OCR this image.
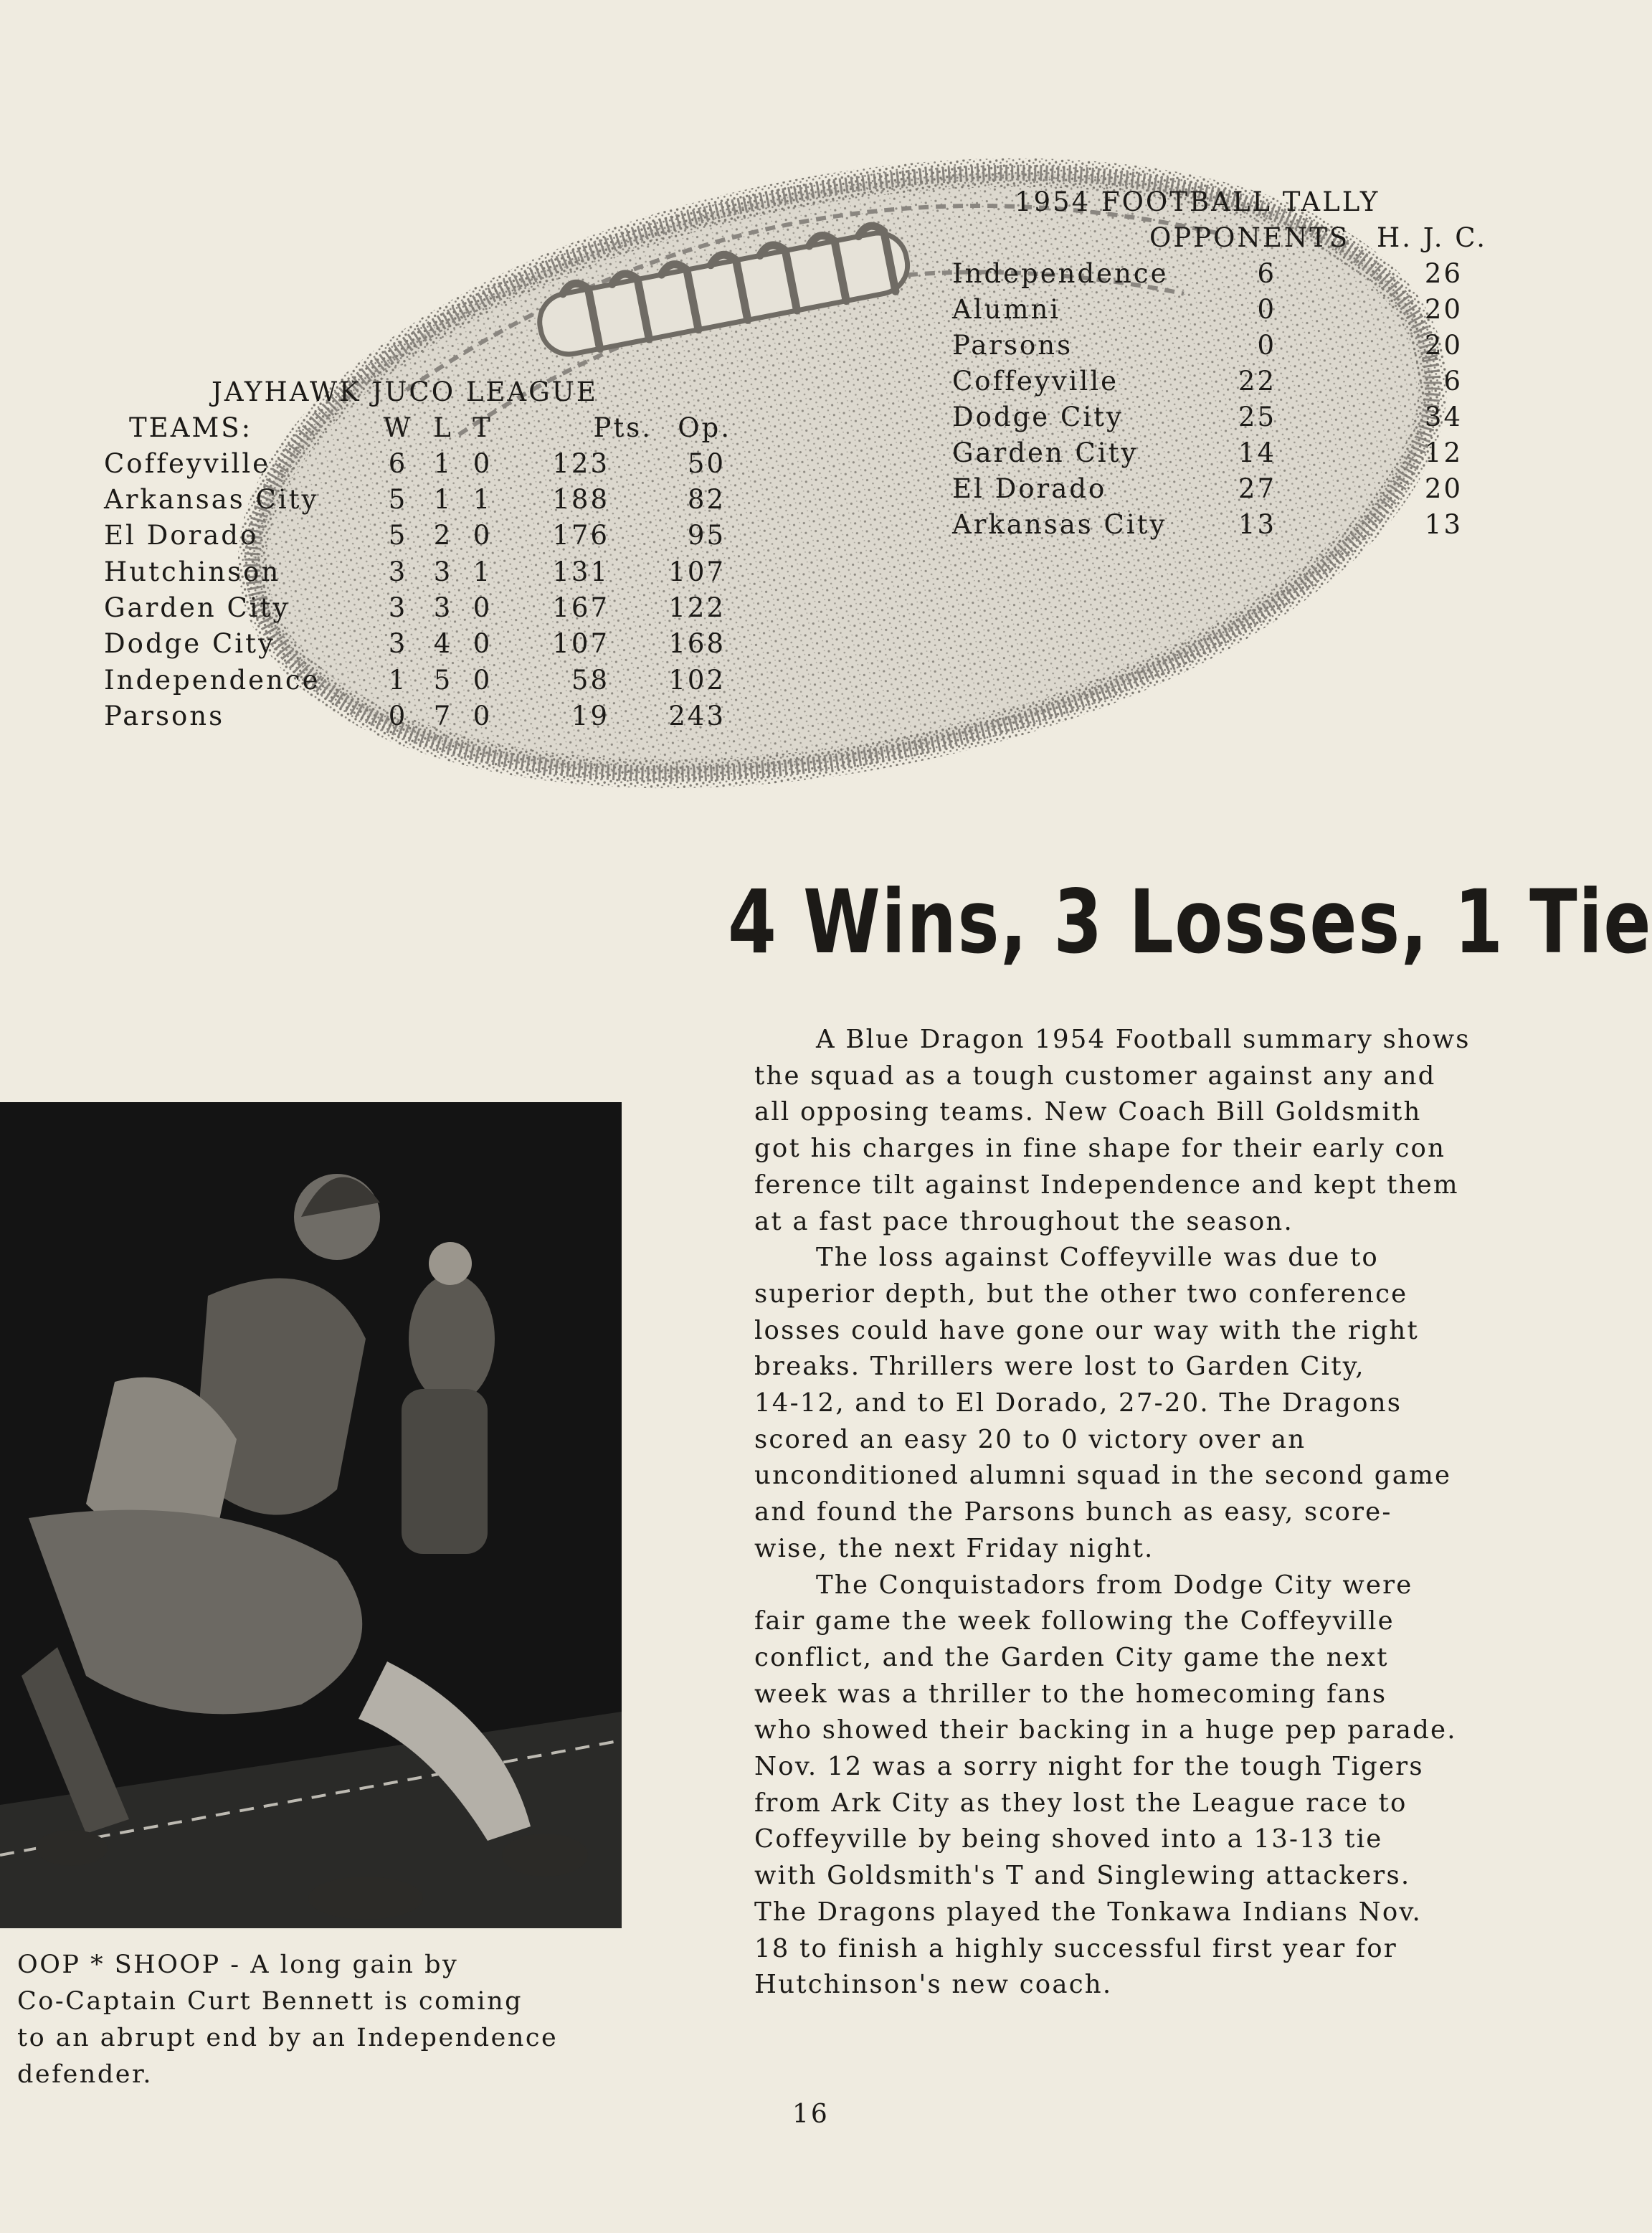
JAYHAWK JUCO LEAGUE
TEAMS:	W L T	Pts. Op.
Coffeyville	6 1 0	123	50
Arkansas City	5 1 1	188	82
El Dorado	5 2 0	176	95
Hutchinson	3 3 1	131	107
Garden City	3 3 0	167	122
Dodge City	3 4 0	107	168
Independence	1 5 0	58	102
Parsons	0 7 0	19	243
1954 FOOTBALL TALLY
OPPONENTS H. J. C.
Independence	6	26
Alumni	0	20
Parsons	0	20
Coffeyville	22	6
Dodge City	25	34
Garden City	14	12
El Dorado	27	20
Arkansas City	13	13
4 Wins, 3 Losses, 1 Tie

A Blue Dragon 1954 Football summary shows

the squad as a tough customer against any and

all opposing teams. New Coach Bill Goldsmith

got his charges in fine shape for their early con

ference tilt against Independence and kept them

at a fast pace throughout the season.

The loss against Coffeyville was due to

superior depth, but the other two conference

losses could have gone our way with the right

breaks. Thrillers were lost to Garden City,

14-12, and to El Dorado, 27-20. The Dragons

scored an easy 20 to 0 victory over an

unconditioned alumni squad in the second game

and found the Parsons bunch as easy, score-

wise, the next Friday night.

The Conquistadors from Dodge City were

fair game the week following the Coffeyville

conflict, and the Garden City game the next

week was a thriller to the homecoming fans

who showed their backing in a huge pep parade.

Nov. 12 was a sorry night for the tough Tigers

from Ark City as they lost the League race to

Coffeyville by being shoved into a 13-13 tie

with Goldsmith's T and Singlewing attackers.

The Dragons played the Tonkawa Indians Nov.

18 to finish a highly successful first year for

Hutchinson's new coach.

OOP * SHOOP - A long gain by
Co-Captain Curt Bennett is coming
to an abrupt end by an Independence
defender.
16
